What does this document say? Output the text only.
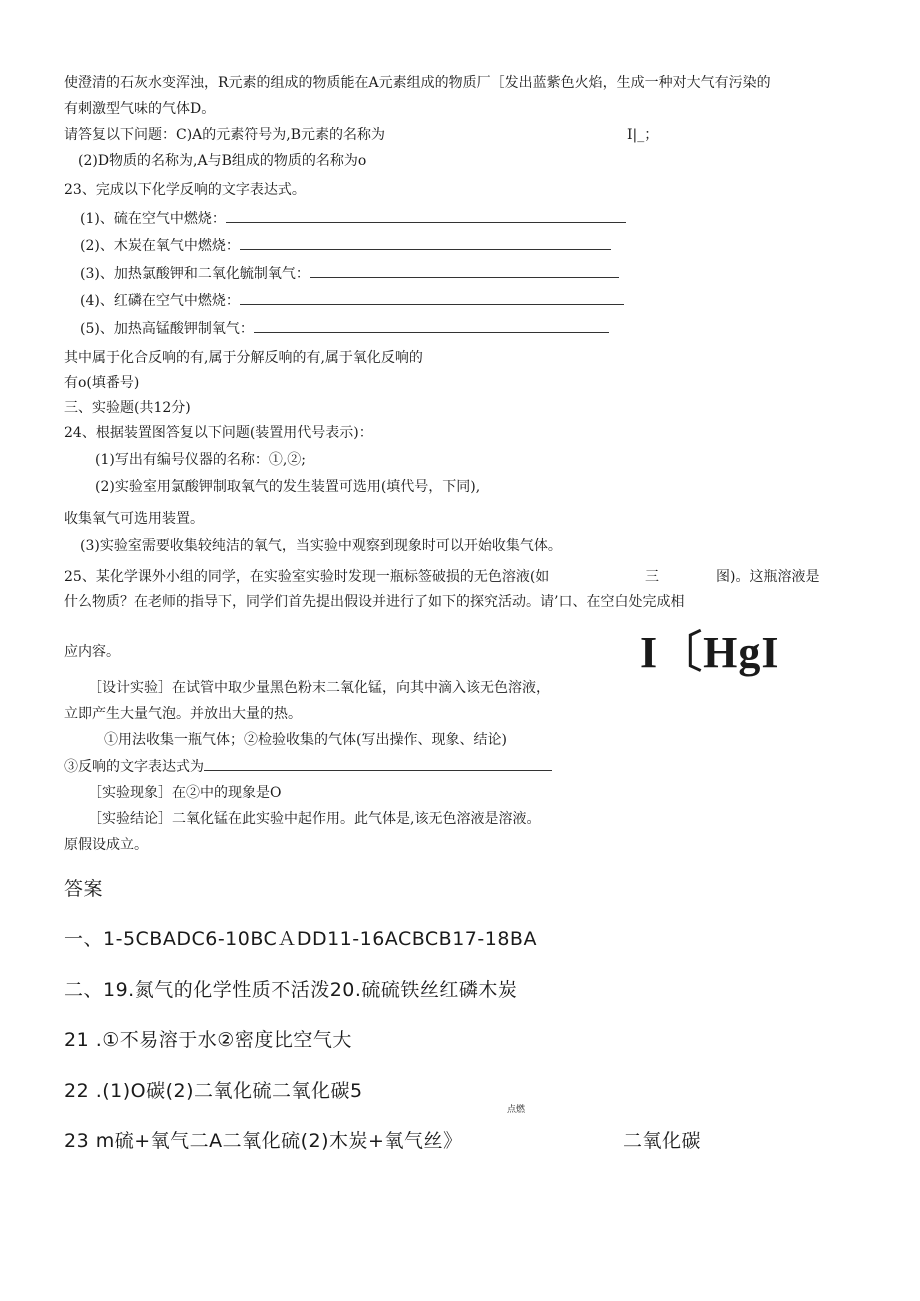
使澄清的石灰水变浑浊，R元素的组成的物质能在A元素组成的物质厂［发出蓝紫色火焰，生成一种对大气有污染的
有刺激型气味的气体D。
请答复以下问题：C)A的元素符号为,B元素的名称为	I|_；
(2)D物质的名称为,A与B组成的物质的名称为o
23、完成以下化学反响的文字表达式。
(1)、硫在空气中燃烧：
(2)、木炭在氧气中燃烧：
(3)、加热氯酸钾和二氧化毓制氧气：
(4)、红磷在空气中燃烧：
(5)、加热高锰酸钾制氧气：
其中属于化合反响的有,属于分解反响的有,属于氧化反响的
有o(填番号)
三、实验题(共12分)
24、根据装置图答复以下问题(装置用代号表示)：
(1)写出有编号仪器的名称：①,②;
(2)实验室用氯酸钾制取氧气的发生装置可选用(填代号，下同),
收集氧气可选用装置。
(3)实验室需要收集较纯洁的氧气，当实验中观察到现象时可以开始收集气体。
25、某化学课外小组的同学，在实验室实验时发现一瓶标签破损的无色溶液(如	三	图)。这瓶溶液是
什么物质？在老师的指导下，同学们首先提出假设并进行了如下的探究活动。请’口、在空白处完成相
应内容。	I〔HgI
［设计实验］在试管中取少量黑色粉末二氧化锰，向其中滴入该无色溶液，
立即产生大量气泡。并放出大量的热。
①用法收集一瓶气体；②检验收集的气体(写出操作、现象、结论)
③反响的文字表达式为
［实验现象］在②中的现象是O
［实验结论］二氧化锰在此实验中起作用。此气体是,该无色溶液是溶液。
原假设成立。
答案
一、1-5CBADC6-10BCＡDD11-16ACBCB17-18BA
二、19.氮气的化学性质不活泼20.硫硫铁丝红磷木炭
21 .①不易溶于水②密度比空气大
22 .(1)O碳(2)二氧化硫二氧化碳5
点燃
23 m硫+氧气二A二氧化硫(2)木炭+氧气丝》	二氧化碳
